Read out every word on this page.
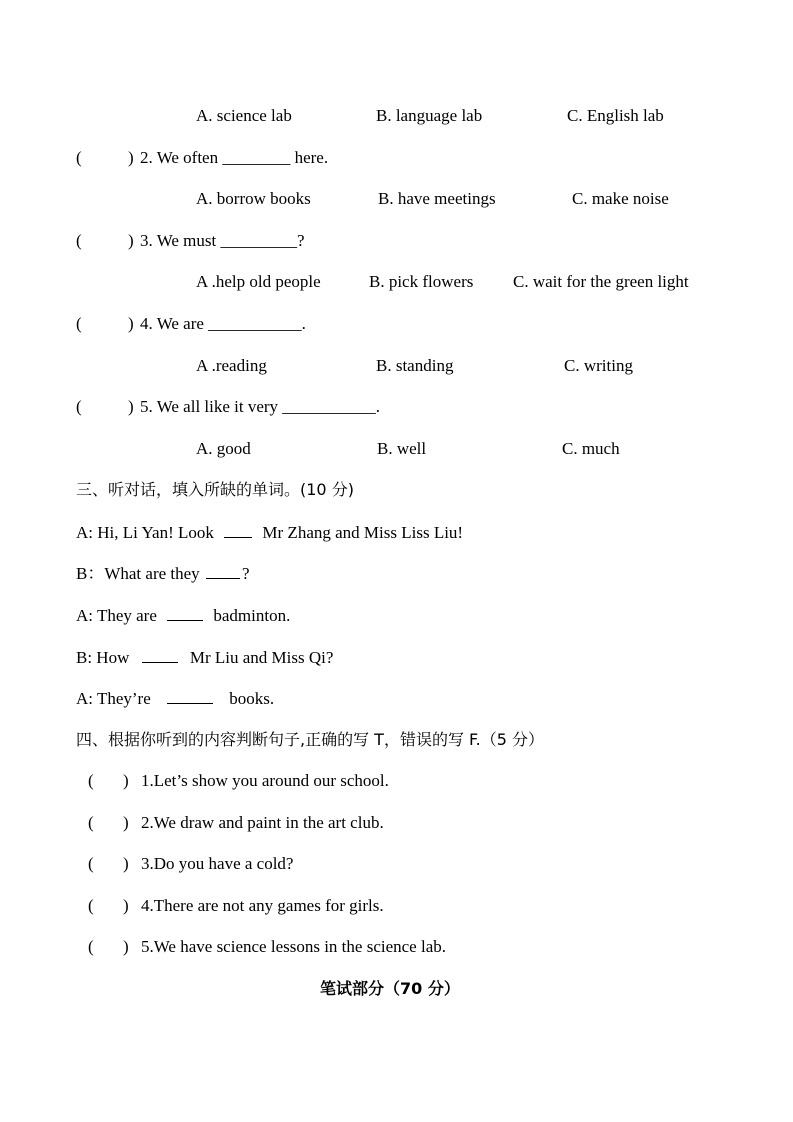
A. science lab	B. language lab	C. English lab
(	) 2. We often ________ here.
A. borrow books	B. have meetings	C. make noise
(	) 3. We must _________?
A .help old people	B. pick flowers C. wait for the green light
(	) 4. We are ___________.
A .reading	B. standing	C. writing
(	) 5. We all like it very ___________.
A. good	B. well	C. much
三、听对话，填入所缺的单词。(10 分)
A: Hi, Li Yan! Look	Mr Zhang and Miss Liss Liu!
B：What are they ?
A: They are	badminton.
B: How	Mr Liu and Miss Qi?
A: They’re	books.
四、根据你听到的内容判断句子,正确的写 T，错误的写 F.（5 分）
( ) 1.Let’s show you around our school.
( ) 2.We draw and paint in the art club.
( ) 3.Do you have a cold?
( ) 4.There are not any games for girls.
( ) 5.We have science lessons in the science lab.
笔试部分（70 分）
